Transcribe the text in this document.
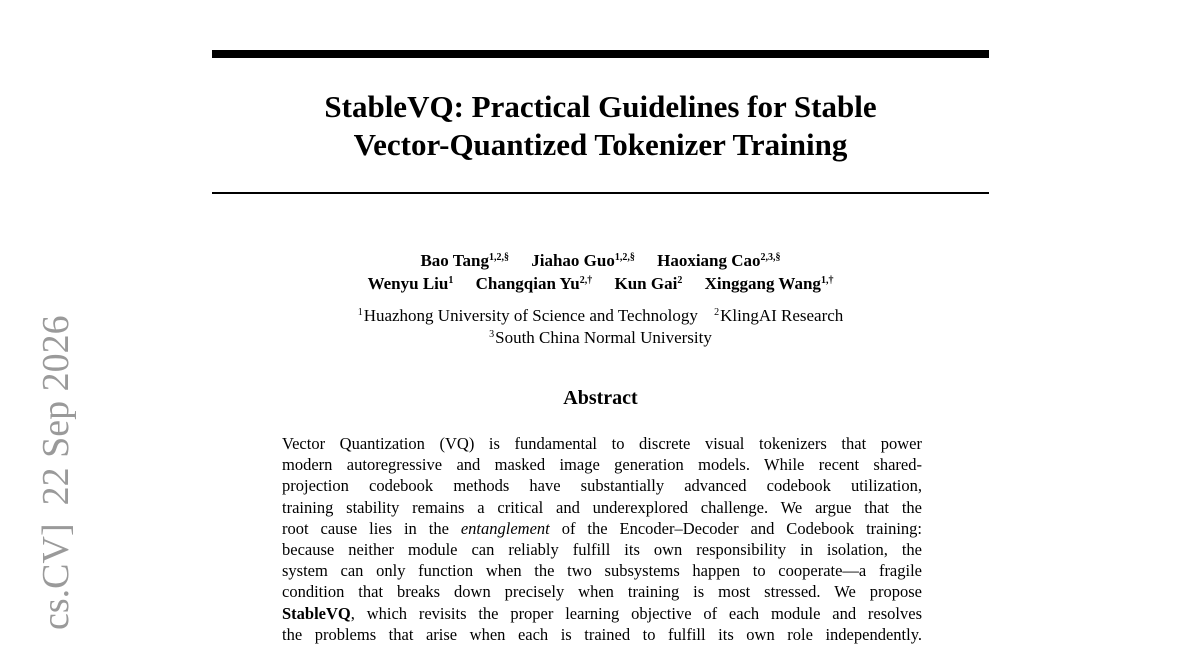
StableVQ: Practical Guidelines for Stable
Vector-Quantized Tokenizer Training
Bao Tang$^{1,2,\S}$ Jiahao Guo$^{1,2,\S}$ Haoxiang Cao$^{2,3,\S}$
Wenyu Liu$^1$ Changqian $Yu^{2,\dagger}$ Kun Gai$^2$ Xinggang Wang$^{1,\dagger}$
$^1$Huazhong University of Science and Technology $^2$KlingAI Research
$^3$South China Normal University
Abstract
Vector Quantization (VQ) is fundamental to discrete visual tokenizers that power
modern autoregressive and masked image generation models. While recent shared-
projection codebook methods have substantially advanced codebook utilization,
training stability remains a critical and underexplored challenge. We argue that the
root cause lies in the entanglement of the Encoder–Decoder and Codebook training:
because neither module can reliably fulfill its own responsibility in isolation, the
system can only function when the two subsystems happen to cooperate—a fragile
condition that breaks down precisely when training is most stressed. We propose
StableVQ, which revisits the proper learning objective of each module and resolves
the problems that arise when each is trained to fulfill its own role independently.
cs.CV]22 Sep 2026
